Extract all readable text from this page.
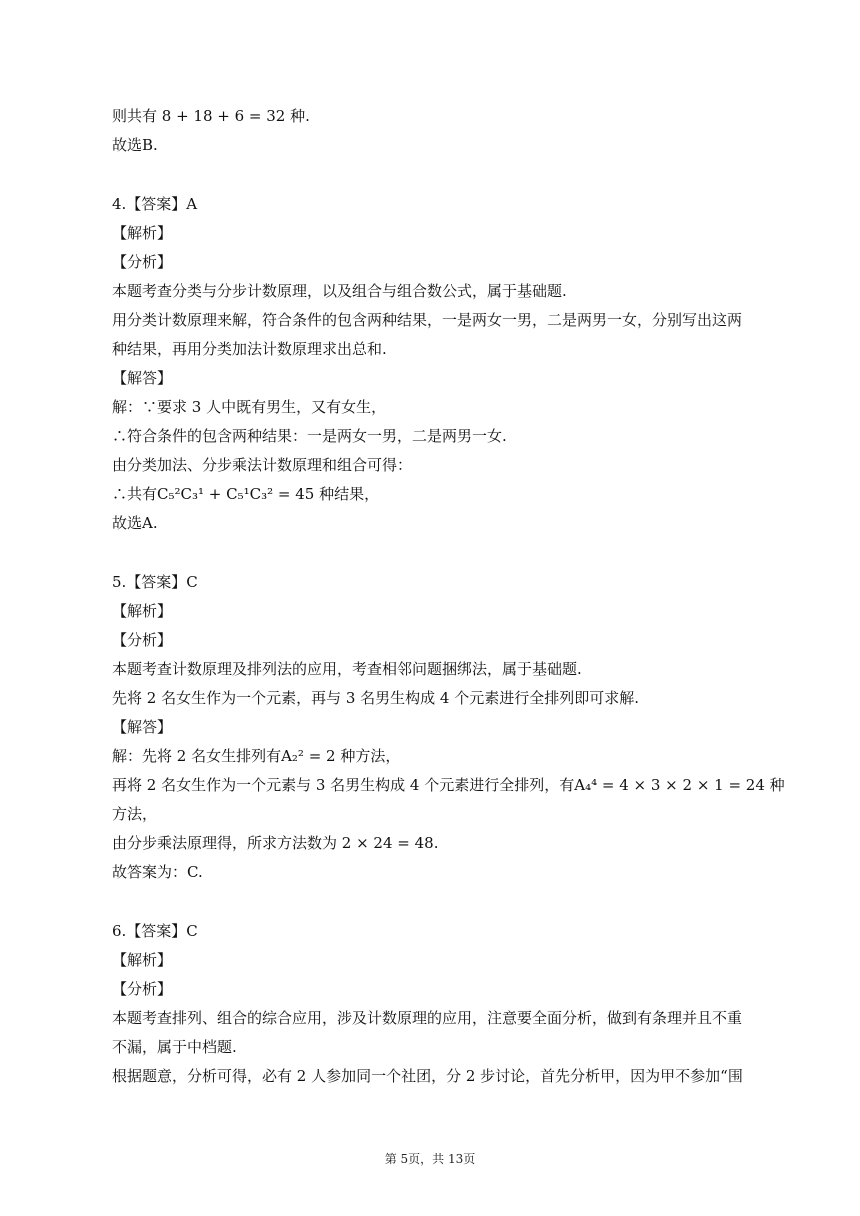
则共有 8 + 18 + 6 = 32 种.
故选B.
4.【答案】A
【解析】
【分析】
本题考查分类与分步计数原理，以及组合与组合数公式，属于基础题.
用分类计数原理来解，符合条件的包含两种结果，一是两女一男，二是两男一女，分别写出这两
种结果，再用分类加法计数原理求出总和.
【解答】
解：∵要求 3 人中既有男生，又有女生，
∴符合条件的包含两种结果：一是两女一男，二是两男一女.
由分类加法、分步乘法计数原理和组合可得：
∴共有C₅²C₃¹ + C₅¹C₃² = 45 种结果，
故选A.
5.【答案】C
【解析】
【分析】
本题考查计数原理及排列法的应用，考查相邻问题捆绑法，属于基础题.
先将 2 名女生作为一个元素，再与 3 名男生构成 4 个元素进行全排列即可求解.
【解答】
解：先将 2 名女生排列有A₂² = 2 种方法，
再将 2 名女生作为一个元素与 3 名男生构成 4 个元素进行全排列，有A₄⁴ = 4 × 3 × 2 × 1 = 24 种
方法，
由分步乘法原理得，所求方法数为 2 × 24 = 48.
故答案为：C.
6.【答案】C
【解析】
【分析】
本题考查排列、组合的综合应用，涉及计数原理的应用，注意要全面分析，做到有条理并且不重
不漏，属于中档题.
根据题意，分析可得，必有 2 人参加同一个社团，分 2 步讨论，首先分析甲，因为甲不参加“围
第 5页，共 13页
